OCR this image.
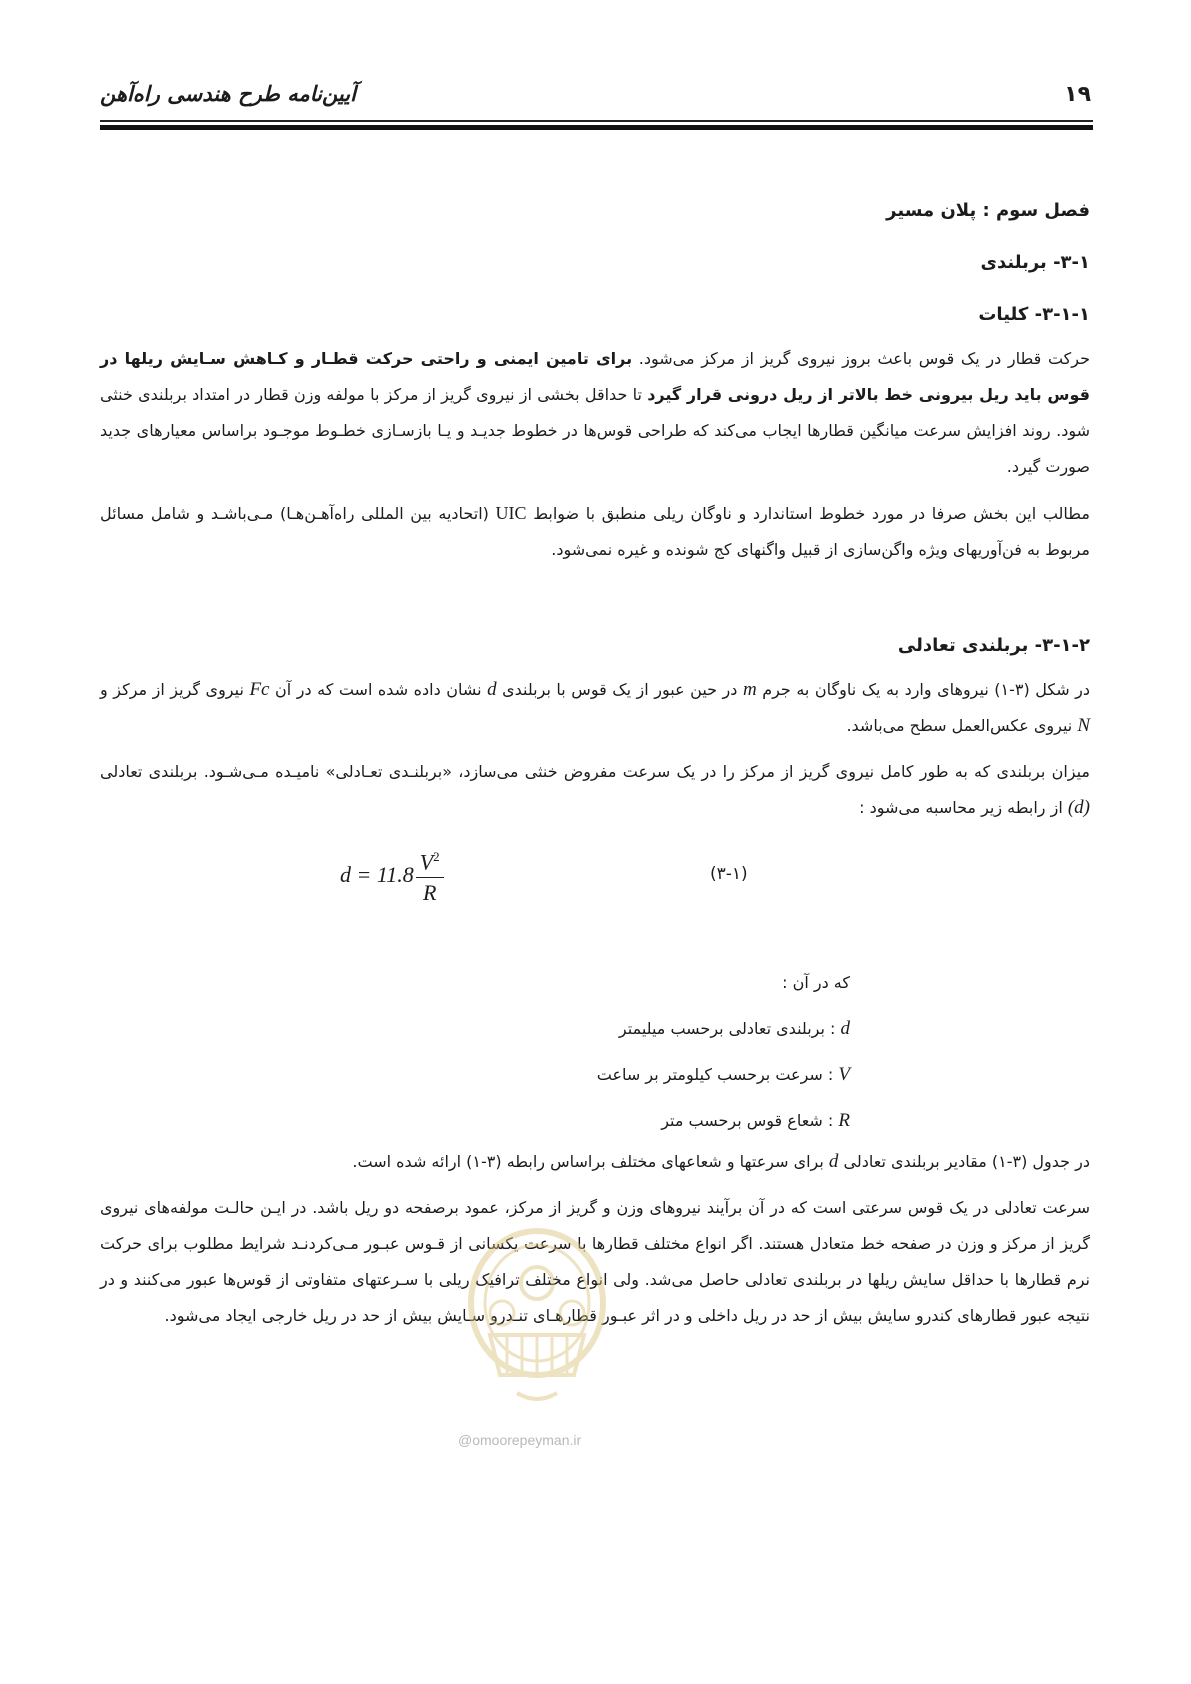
آیین‌نامه طرح هندسی راه‌آهن	۱۹

فصل سوم : پلان مسیر

۳-۱- بربلندی

۳-۱-۱- کلیات

حرکت قطار در یک قوس باعث بروز نیروی گریز از مرکز می‌شود. برای تامین ایمنی و راحتی حرکت قطـار و کـاهش سـایش ریلها در قوس باید ریل بیرونی خط بالاتر از ریل درونی قرار گیرد تا حداقل بخشی از نیروی گریز از مرکز با مولفه وزن قطار در امتداد بربلندی خنثی شود. روند افزایش سرعت میانگین قطارها ایجاب می‌کند که طراحی قوس‌ها در خطوط جدیـد و یـا بازسـازی خطـوط موجـود براساس معیارهای جدید صورت گیرد.

مطالب این بخش صرفا در مورد خطوط استاندارد و ناوگان ریلی منطبق با ضوابط UIC (اتحادیه بین المللی راه‌آهـن‌هـا) مـی‌باشـد و شامل مسائل مربوط به فن‌آوریهای ویژه واگن‌سازی از قبیل واگنهای کج شونده و غیره نمی‌شود.

۳-۱-۲- بربلندی تعادلی

در شکل (۳-۱) نیروهای وارد به یک ناوگان به جرم m در حین عبور از یک قوس با بربلندی d نشان داده شده است که در آن Fc نیروی گریز از مرکز و N نیروی عکس‌العمل سطح می‌باشد.

میزان بربلندی که به طور کامل نیروی گریز از مرکز را در یک سرعت مفروض خنثی می‌سازد، «بربلنـدی تعـادلی» نامیـده مـی‌شـود. بربلندی تعادلی (d) از رابطه زیر محاسبه می‌شود :

$d = 11.8 \frac{V^2}{R}$	(۳-۱)
که در آن :
d : بربلندی تعادلی برحسب میلیمتر
V : سرعت برحسب کیلومتر بر ساعت
R : شعاع قوس برحسب متر

در جدول (۳-۱) مقادیر بربلندی تعادلی d برای سرعتها و شعاعهای مختلف براساس رابطه (۳-۱) ارائه شده است.

سرعت تعادلی در یک قوس سرعتی است که در آن برآیند نیروهای وزن و گریز از مرکز، عمود برصفحه دو ریل باشد. در ایـن حالـت مولفه‌های نیروی گریز از مرکز و وزن در صفحه خط متعادل هستند. اگر انواع مختلف قطارها با سرعت یکسانی از قـوس عبـور مـی‌کردنـد شرایط مطلوب برای حرکت نرم قطارها با حداقل سایش ریلها در بربلندی تعادلی حاصل می‌شد. ولی انواع مختلف ترافیک ریلی با سـرعتهای متفاوتی از قوس‌ها عبور می‌کنند و در نتیجه عبور قطارهای کندرو سایش بیش از حد در ریل داخلی و در اثر عبـور قطارهـای تنـدرو سـایش بیش از حد در ریل خارجی ایجاد می‌شود.

@omoorepeyman.ir
